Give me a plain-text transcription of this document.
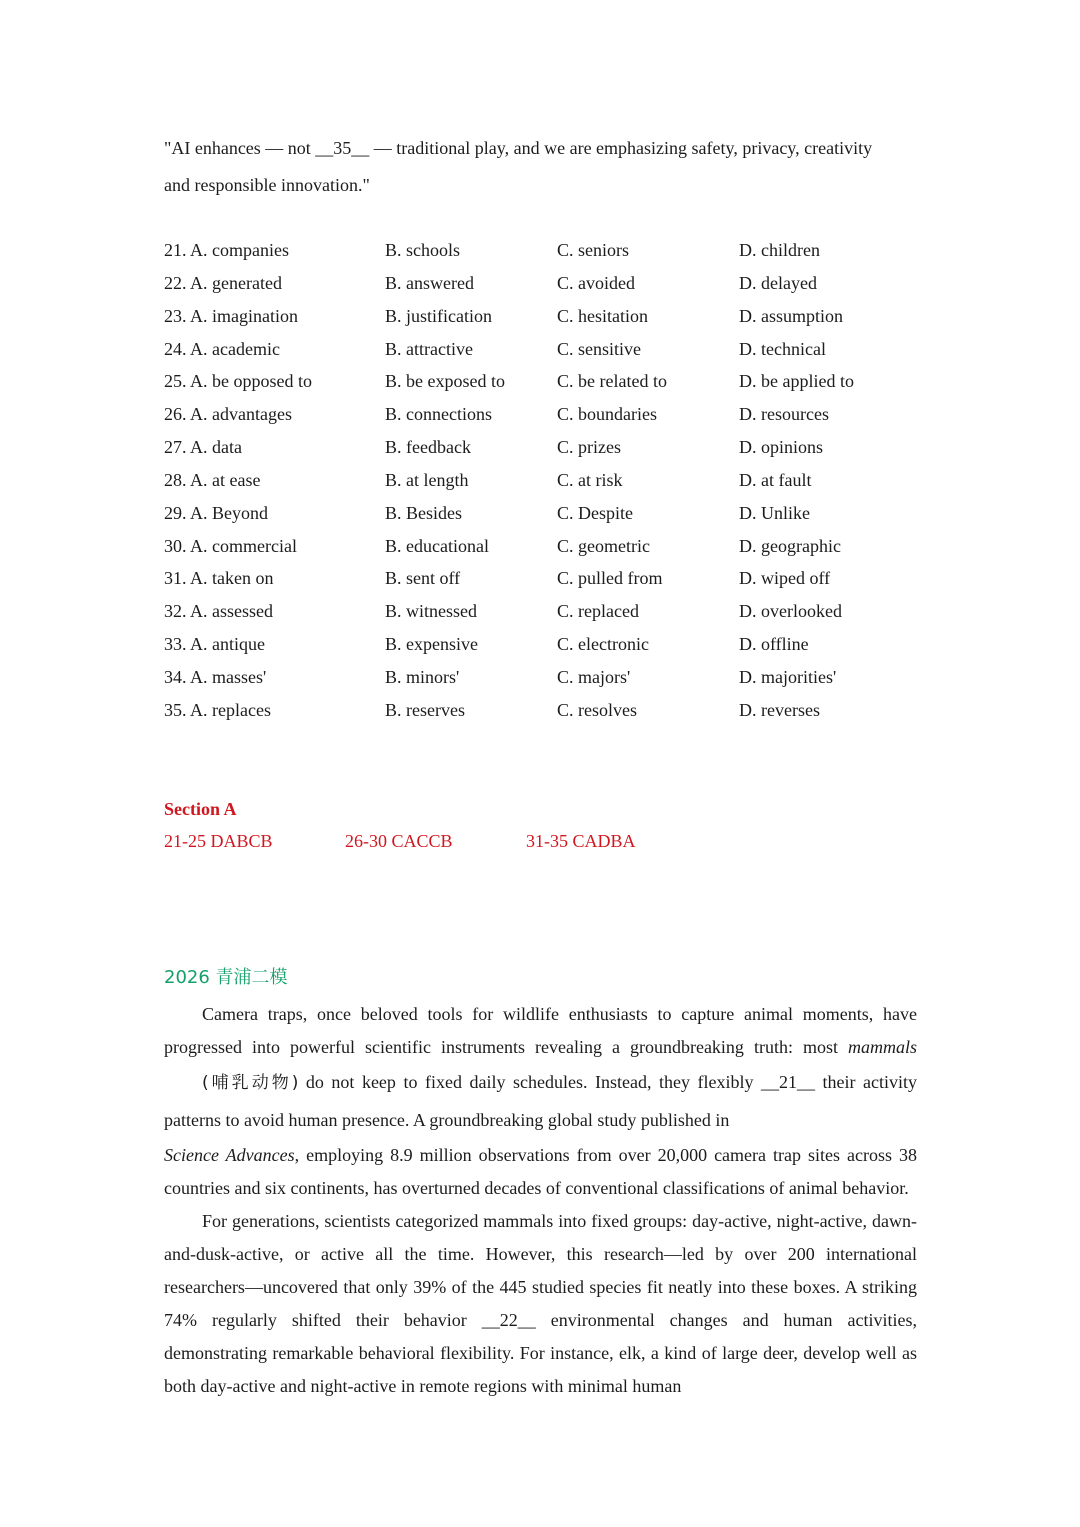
"AI enhances — not __35__ — traditional play, and we are emphasizing safety, privacy, creativity
and responsible innovation."
21. A. companies	B. schools	C. seniors	D. children
22. A. generated	B. answered	C. avoided	D. delayed
23. A. imagination	B. justification	C. hesitation	D. assumption
24. A. academic	B. attractive	C. sensitive	D. technical
25. A. be opposed to	B. be exposed to	C. be related to	D. be applied to
26. A. advantages	B. connections	C. boundaries	D. resources
27. A. data	B. feedback	C. prizes	D. opinions
28. A. at ease	B. at length	C. at risk	D. at fault
29. A. Beyond	B. Besides	C. Despite	D. Unlike
30. A. commercial	B. educational	C. geometric	D. geographic
31. A. taken on	B. sent off	C. pulled from	D. wiped off
32. A. assessed	B. witnessed	C. replaced	D. overlooked
33. A. antique	B. expensive	C. electronic	D. offline
34. A. masses'	B. minors'	C. majors'	D. majorities'
35. A. replaces	B. reserves	C. resolves	D. reverses
Section A
21-25 DABCB	26-30 CACCB	31-35 CADBA
2026 青浦二模

Camera traps, once beloved tools for wildlife enthusiasts to capture animal moments, have progressed into powerful scientific instruments revealing a groundbreaking truth: most mammals (哺乳动物) do not keep to fixed daily schedules. Instead, they flexibly __21__ their activity patterns to avoid human presence. A groundbreaking global study published inScience Advances, employing 8.9 million observations from over 20,000 camera trap sites across 38 countries and six continents, has overturned decades of conventional classifications of animal behavior.

For generations, scientists categorized mammals into fixed groups: day-active, night-active, dawn-and-dusk-active, or active all the time. However, this research—led by over 200 international researchers—uncovered that only 39% of the 445 studied species fit neatly into these boxes. A striking 74% regularly shifted their behavior __22__ environmental changes and human activities, demonstrating remarkable behavioral flexibility. For instance, elk, a kind of large deer, develop well as both day-active and night-active in remote regions with minimal human
